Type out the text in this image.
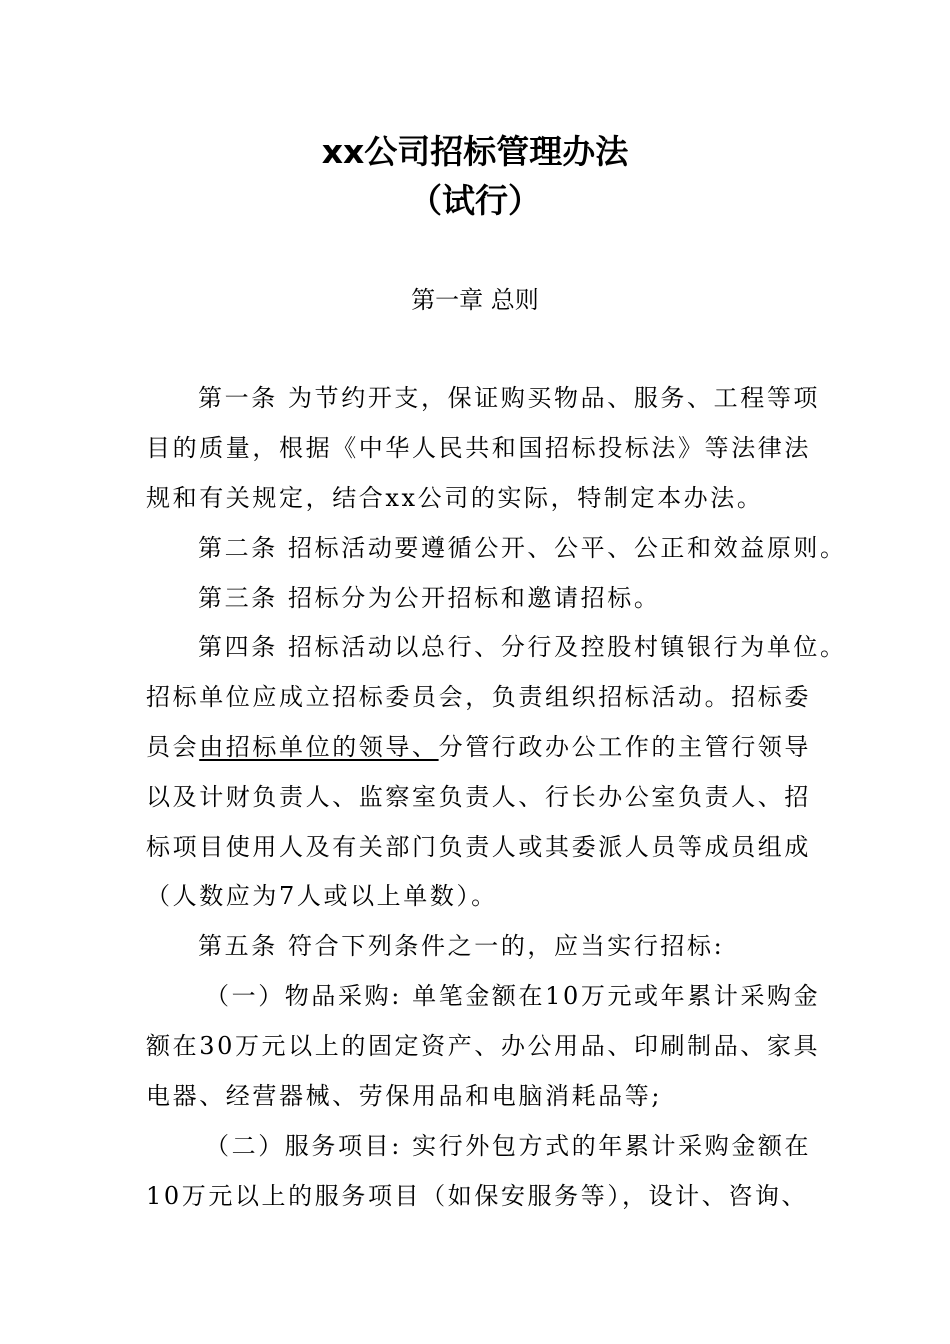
xx公司招标管理办法
（试行）
第一章 总则
第一条 为节约开支，保证购买物品、服务、工程等项
目的质量，根据《中华人民共和国招标投标法》等法律法
规和有关规定，结合xx公司的实际，特制定本办法。
第二条 招标活动要遵循公开、公平、公正和效益原则。
第三条 招标分为公开招标和邀请招标。
第四条 招标活动以总行、分行及控股村镇银行为单位。
招标单位应成立招标委员会，负责组织招标活动。招标委
员会由招标单位的领导、分管行政办公工作的主管行领导
以及计财负责人、监察室负责人、行长办公室负责人、招
标项目使用人及有关部门负责人或其委派人员等成员组成
（人数应为7人或以上单数）。
第五条 符合下列条件之一的，应当实行招标:
（一）物品采购: 单笔金额在10万元或年累计采购金
额在30万元以上的固定资产、办公用品、印刷制品、家具
电器、经营器械、劳保用品和电脑消耗品等;
（二）服务项目: 实行外包方式的年累计采购金额在
10万元以上的服务项目（如保安服务等），设计、咨询、
